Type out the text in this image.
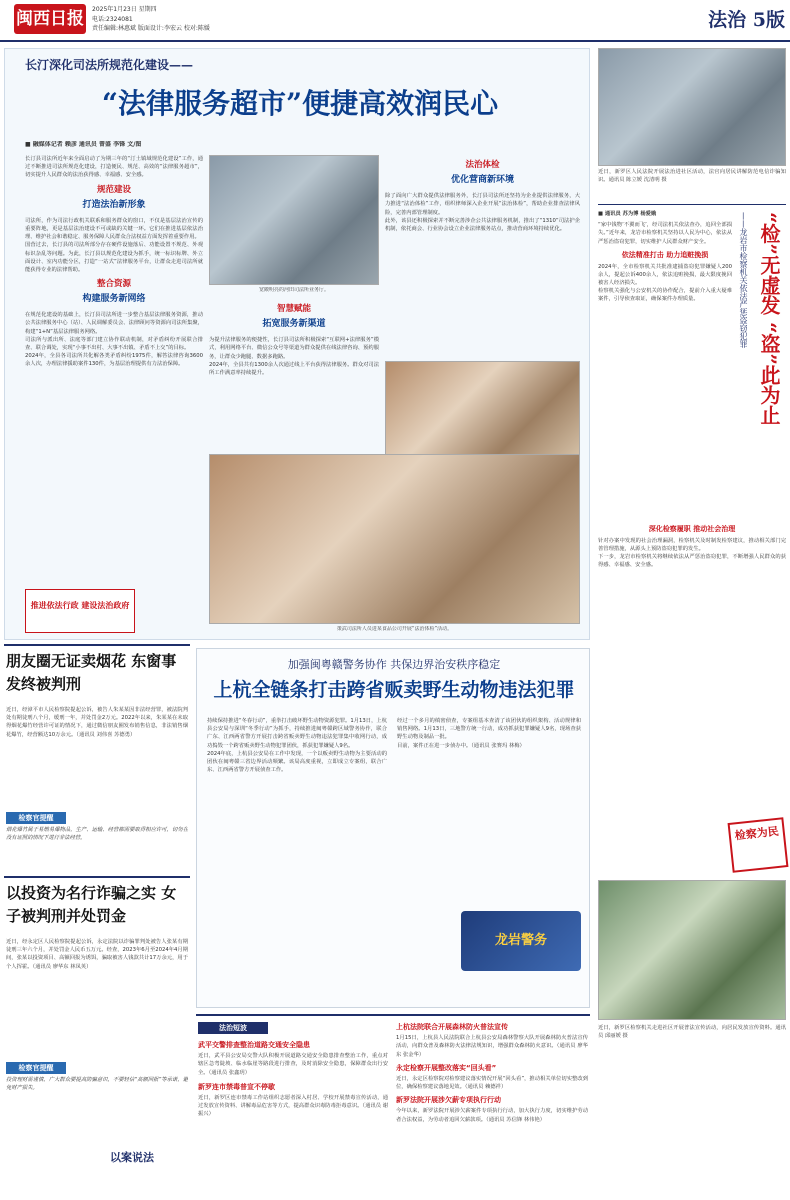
闽西日报	2025年1月23日 星期四
电话:2324081
责任编辑:林惠斌 版面设计:李宏云 校对:陈媛	法治 5版
长汀深化司法所规范化建设——
“法律服务超市”便捷高效润民心
■ 融媒体记者 赖彦 通讯员 曾盛 李锋 文/图

长汀县司法所近年来全面启动了为期三年的“汀土镇域规范化建设”工作，通过不断推进司法所规范化建设，打造便民、规范、高效的“法律服务超市”，切实提升人民群众的法治获得感、幸福感、安全感。

规范建设
打造法治新形象

司法所，作为司法行政机关联系和服务群众的窗口，不仅是基层法治宣传的重要阵地，更是基层法治建设不可或缺的关键一环。它们在推进基层依法治理、维护社会和谐稳定、服务保障人民群众合法权益方面发挥着重要作用。

国营过去，长汀县的司法所部分存在硬件设施落后、功能设置不规范、外观标识杂乱等问题。为此，长汀县以规范化建设为抓手，统一标识标牌、外立面设计、室内功能分区，打造“一站式”法律服务平台，让群众走进司法所就能获得专业的法律帮助。

整合资源
构建服务新网络

在规范化建设的基础上，长汀县司法所进一步整合基层法律服务资源，推动公共法律服务中心（站）、人民调解委员会、法律顾问等资源向司法所集聚，构建“1+N”基层法律服务网络。

司法所与派出所、法庭等部门建立协作联动机制，对矛盾纠纷开展联合排查、联合调处，实现“小事不出村、大事不出镇、矛盾不上交”的目标。

2024年，全县各司法所共化解各类矛盾纠纷1975件，解答法律咨询3600余人次，办理法律援助案件130件，为基层治理提供有力法治保障。

推进依法行政 建设法治政府
宽敞明亮的河田司法所业务厅。
智慧赋能
拓宽服务新渠道

为提升法律服务的便捷性，长汀县司法所积极探索“互联网+法律服务”模式，利用网络平台、微信公众号等渠道为群众提供在线法律咨询、预约服务，让群众少跑腿、数据多跑路。

2024年，全县共有1300余人次通过线上平台获得法律服务。群众对司法所工作满意率持续提升。

法治体检
优化营商新环境

除了面向广大群众提供法律服务外，长汀县司法所还坚持为企业提供法律服务，大力推进“法治体检”工作，组织律师深入企业开展“法治体检”，帮助企业排查法律风险，完善内部管理制度。

此外，该县还积极探索并不断完善涉企公共法律服务机制，推出了“1310”司法护企机制，依托商会、行业协会设立企业法律服务站点，推动营商环境持续优化。

策武司法所人员进某食品公司开展“法治体检”活动。
近日，新罗区人民法院开展法治进社区活动，法官向居民讲解防范电信诈骗知识。通讯员 陈立媛 沈清明 摄
“检”无虚发 “盗”此为止
——龙岩市检察机关依法严惩盗窃犯罪
■ 通讯员 苏为博 杨爱娥

“家中钱物‘不翼而飞’，经司法机关依法查办，追回全部损失。”近年来，龙岩市检察机关坚持以人民为中心，依法从严惩治盗窃犯罪，切实维护人民群众财产安全。

依法精准打击 助力追赃挽损

2024年，全市检察机关共批准逮捕盗窃犯罪嫌疑人200余人，提起公诉400余人，依法追赃挽损，最大限度挽回被害人经济损失。

检察机关强化与公安机关的协作配合，提前介入重大疑难案件，引导侦查取证，确保案件办理质量。

深化检察履职 推动社会治理

针对办案中发现的社会治理漏洞，检察机关及时制发检察建议，推动相关部门完善管理措施，从源头上预防盗窃犯罪的发生。

下一步，龙岩市检察机关将继续依法从严惩治盗窃犯罪，不断增强人民群众的获得感、幸福感、安全感。

检察为民
近日，新罗区检察机关走进社区开展普法宣传活动，向居民发放宣传资料。通讯员 邱丽媛 摄
朋友圈无证卖烟花 东窗事发终被判刑
近日，经漳平市人民检察院提起公诉，被告人朱某某因非法经营罪，被法院判处有期徒刑八个月，缓刑一年，并处罚金2万元。2022年以来，朱某某在未取得烟花爆竹经营许可证的情况下，通过微信朋友圈发布销售信息，非法销售烟花爆竹，经营额达10万余元。（通讯员 刘伟喜 苏德勇）
检察官提醒
烟花爆竹属于易燃易爆物品，生产、运输、经营都需要取得相应许可，切勿在没有证照的情况下进行非法经营。
以投资为名行诈骗之实 女子被判刑并处罚金
近日，经永定区人民检察院提起公诉，永定法院以诈骗罪判处被告人张某有期徒刑三年六个月，并处罚金人民币五万元。经查，2023年6月至2024年4月期间，张某以投资项目、高额回报为诱饵，骗取被害人钱款共计17万余元，用于个人挥霍。（通讯员 廖华东 林凤英）
检察官提醒
投资理财需谨慎，广大群众要提高防骗意识，不要轻信“高额回报”等承诺，避免财产损失。
以案说法
加强闽粤赣警务协作 共保边界治安秩序稳定
上杭全链条打击跨省贩卖野生动物违法犯罪

持续保持推进“冬春行动”，重拳打击破坏野生动物资源犯罪。1月13日，上杭县公安局与深圳“冬季行动”为抓手，持续推进闽粤赣跨区域警务协作，联合广东、江西两省警方开展打击跨省贩卖野生动物违法犯罪集中收网行动，成功捣毁一个跨省贩卖野生动物犯罪团伙，抓获犯罪嫌疑人9名。

2024年底，上杭县公安局在工作中发现，一个以贩卖野生动物为主要活动的团伙在闽粤赣三省边界活动频繁。该局高度重视，立即成立专案组，联合广东、江西两省警方开展侦查工作。

经过一个多月的缜密侦查，专案组基本查清了该团伙的组织架构、活动规律和销售网络。1月13日，三地警方统一行动，成功抓获犯罪嫌疑人9名，现场查获野生动物及制品一批。

目前，案件正在进一步侦办中。（通讯员 张赛玛 林梅）

龙岩警务
法治短波
武平交警排查整治道路交通安全隐患
近日，武平县公安局交警大队积极开展道路交通安全隐患排查整治工作，重点对辖区急弯陡坡、临水临崖等路段进行排查，及时消除安全隐患，保障群众出行安全。（通讯员 张鑫玥）
新罗连市禁毒普宣不停歇
近日，新罗区连市禁毒工作站组织志愿者深入村居、学校开展禁毒宣传活动，通过发放宣传资料、讲解毒品危害等方式，提高群众识毒防毒拒毒意识。（通讯员 谢振兴）
上杭法院联合开展森林防火普法宣传
1月15日，上杭县人民法院联合上杭县公安局森林警察大队开展森林防火普法宣传活动，向群众普及森林防火法律法规知识，增强群众森林防火意识。（通讯员 廖华东 张金华）
永定检察开展整改落实“回头看”
近日，永定区检察院对检察建议落实情况开展“回头看”，推动相关单位切实整改到位，确保检察建议落地见效。（通讯员 赖德祥）
新罗法院开展涉欠薪专项执行行动
今年以来，新罗法院开展涉欠薪案件专项执行行动，加大执行力度，切实维护劳动者合法权益，为劳动者追回欠薪款项。（通讯员 苏信锋 林伟艳）
